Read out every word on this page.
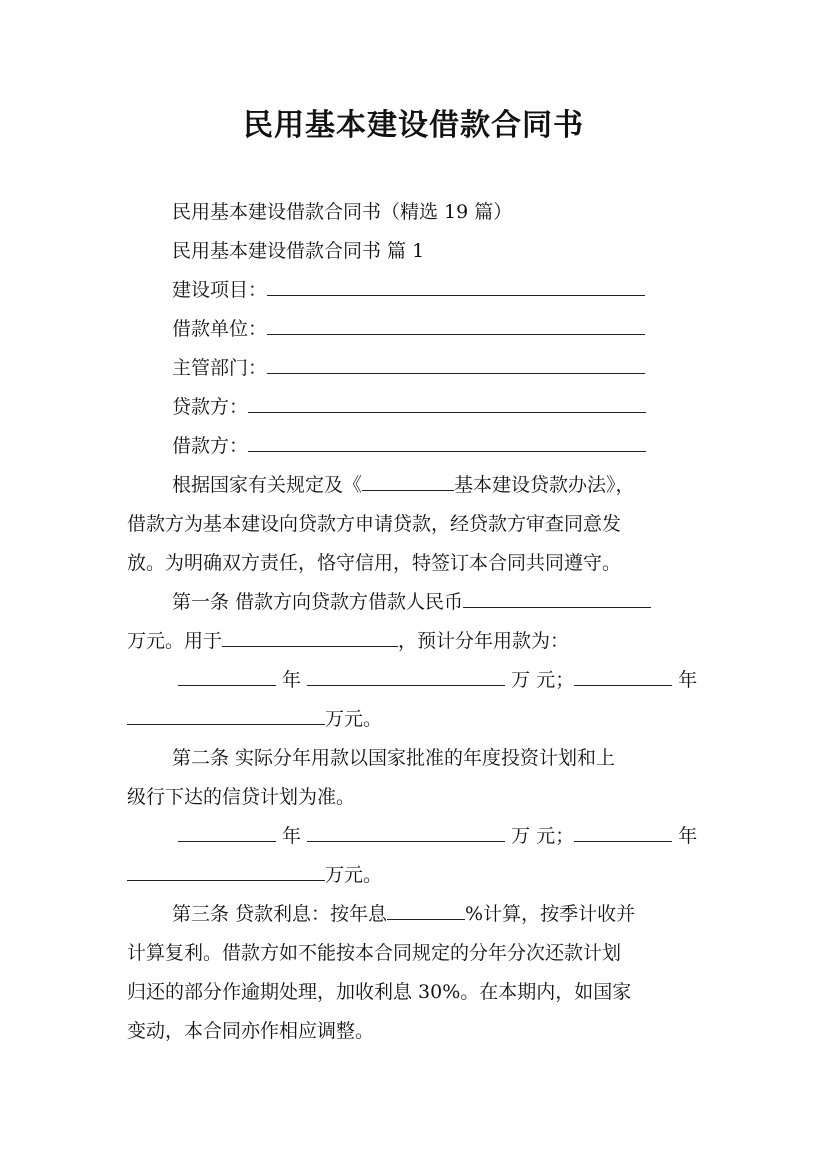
民用基本建设借款合同书
民用基本建设借款合同书（精选 19 篇）
民用基本建设借款合同书 篇 1
建设项目：
借款单位：
主管部门：
贷款方：
借款方：
根据国家有关规定及《	基本建设贷款办法》，
借款方为基本建设向贷款方申请贷款，经贷款方审查同意发
放。为明确双方责任，恪守信用，特签订本合同共同遵守。
第一条 借款方向贷款方借款人民币
万元。用于	，预计分年用款为：
年	万 元；	年
万元。
第二条 实际分年用款以国家批准的年度投资计划和上
级行下达的信贷计划为准。
年	万 元；	年
万元。
第三条 贷款利息：按年息	%计算，按季计收并
计算复利。借款方如不能按本合同规定的分年分次还款计划
归还的部分作逾期处理，加收利息 30%。在本期内，如国家
变动，本合同亦作相应调整。
